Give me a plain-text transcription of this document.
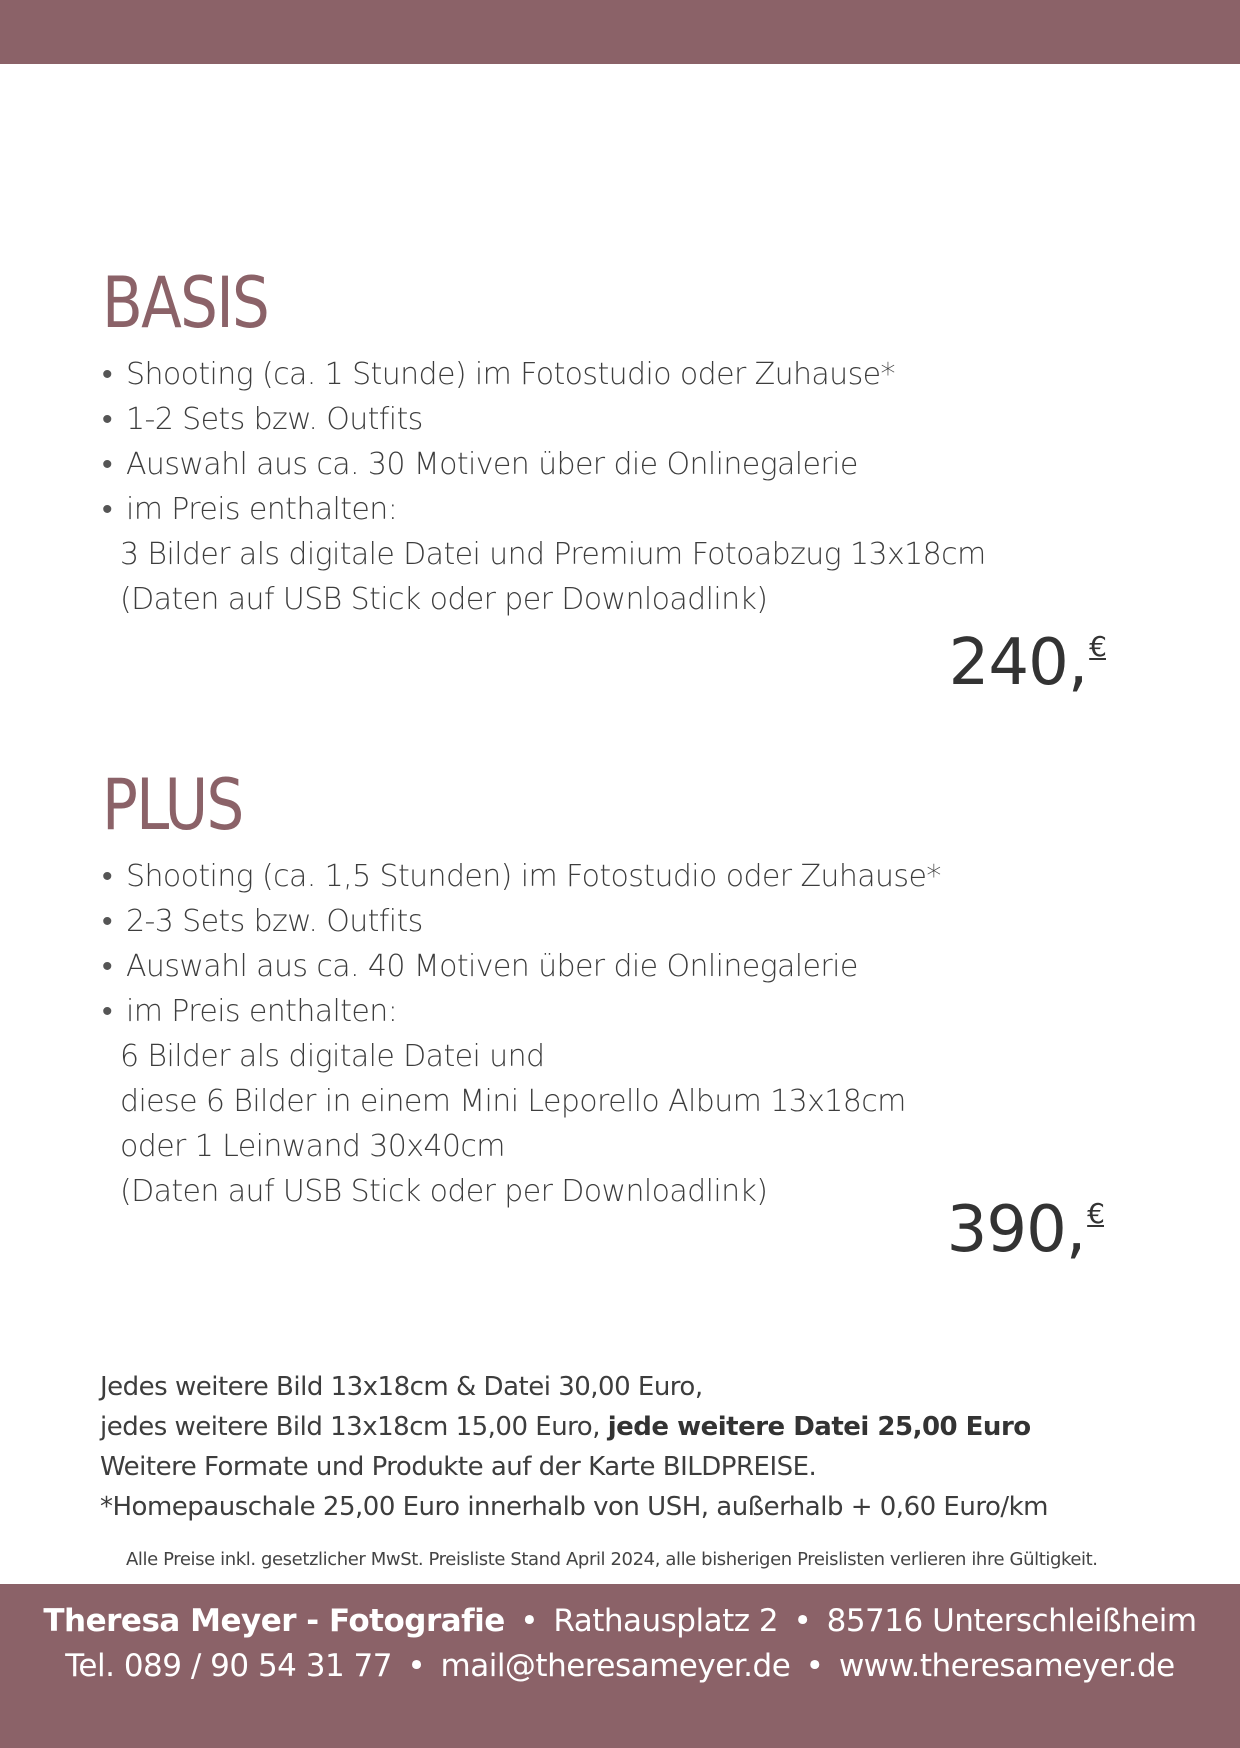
BASIS
• Shooting (ca. 1 Stunde) im Fotostudio oder Zuhause*
• 1-2 Sets bzw. Outfits
• Auswahl aus ca. 30 Motiven über die Onlinegalerie
• im Preis enthalten:
3 Bilder als digitale Datei und Premium Fotoabzug 13x18cm
(Daten auf USB Stick oder per Downloadlink)
240,€
PLUS
• Shooting (ca. 1,5 Stunden) im Fotostudio oder Zuhause*
• 2-3 Sets bzw. Outfits
• Auswahl aus ca. 40 Motiven über die Onlinegalerie
• im Preis enthalten:
6 Bilder als digitale Datei und
diese 6 Bilder in einem Mini Leporello Album 13x18cm
oder 1 Leinwand 30x40cm
(Daten auf USB Stick oder per Downloadlink)
390,€
Jedes weitere Bild 13x18cm & Datei 30,00 Euro,
jedes weitere Bild 13x18cm 15,00 Euro, jede weitere Datei 25,00 Euro
Weitere Formate und Produkte auf der Karte BILDPREISE.
*Homepauschale 25,00 Euro innerhalb von USH, außerhalb + 0,60 Euro/km
Alle Preise inkl. gesetzlicher MwSt. Preisliste Stand April 2024, alle bisherigen Preislisten verlieren ihre Gültigkeit.
Theresa Meyer - Fotografie • Rathausplatz 2 • 85716 Unterschleißheim
Tel. 089 / 90 54 31 77 • mail@theresameyer.de • www.theresameyer.de
